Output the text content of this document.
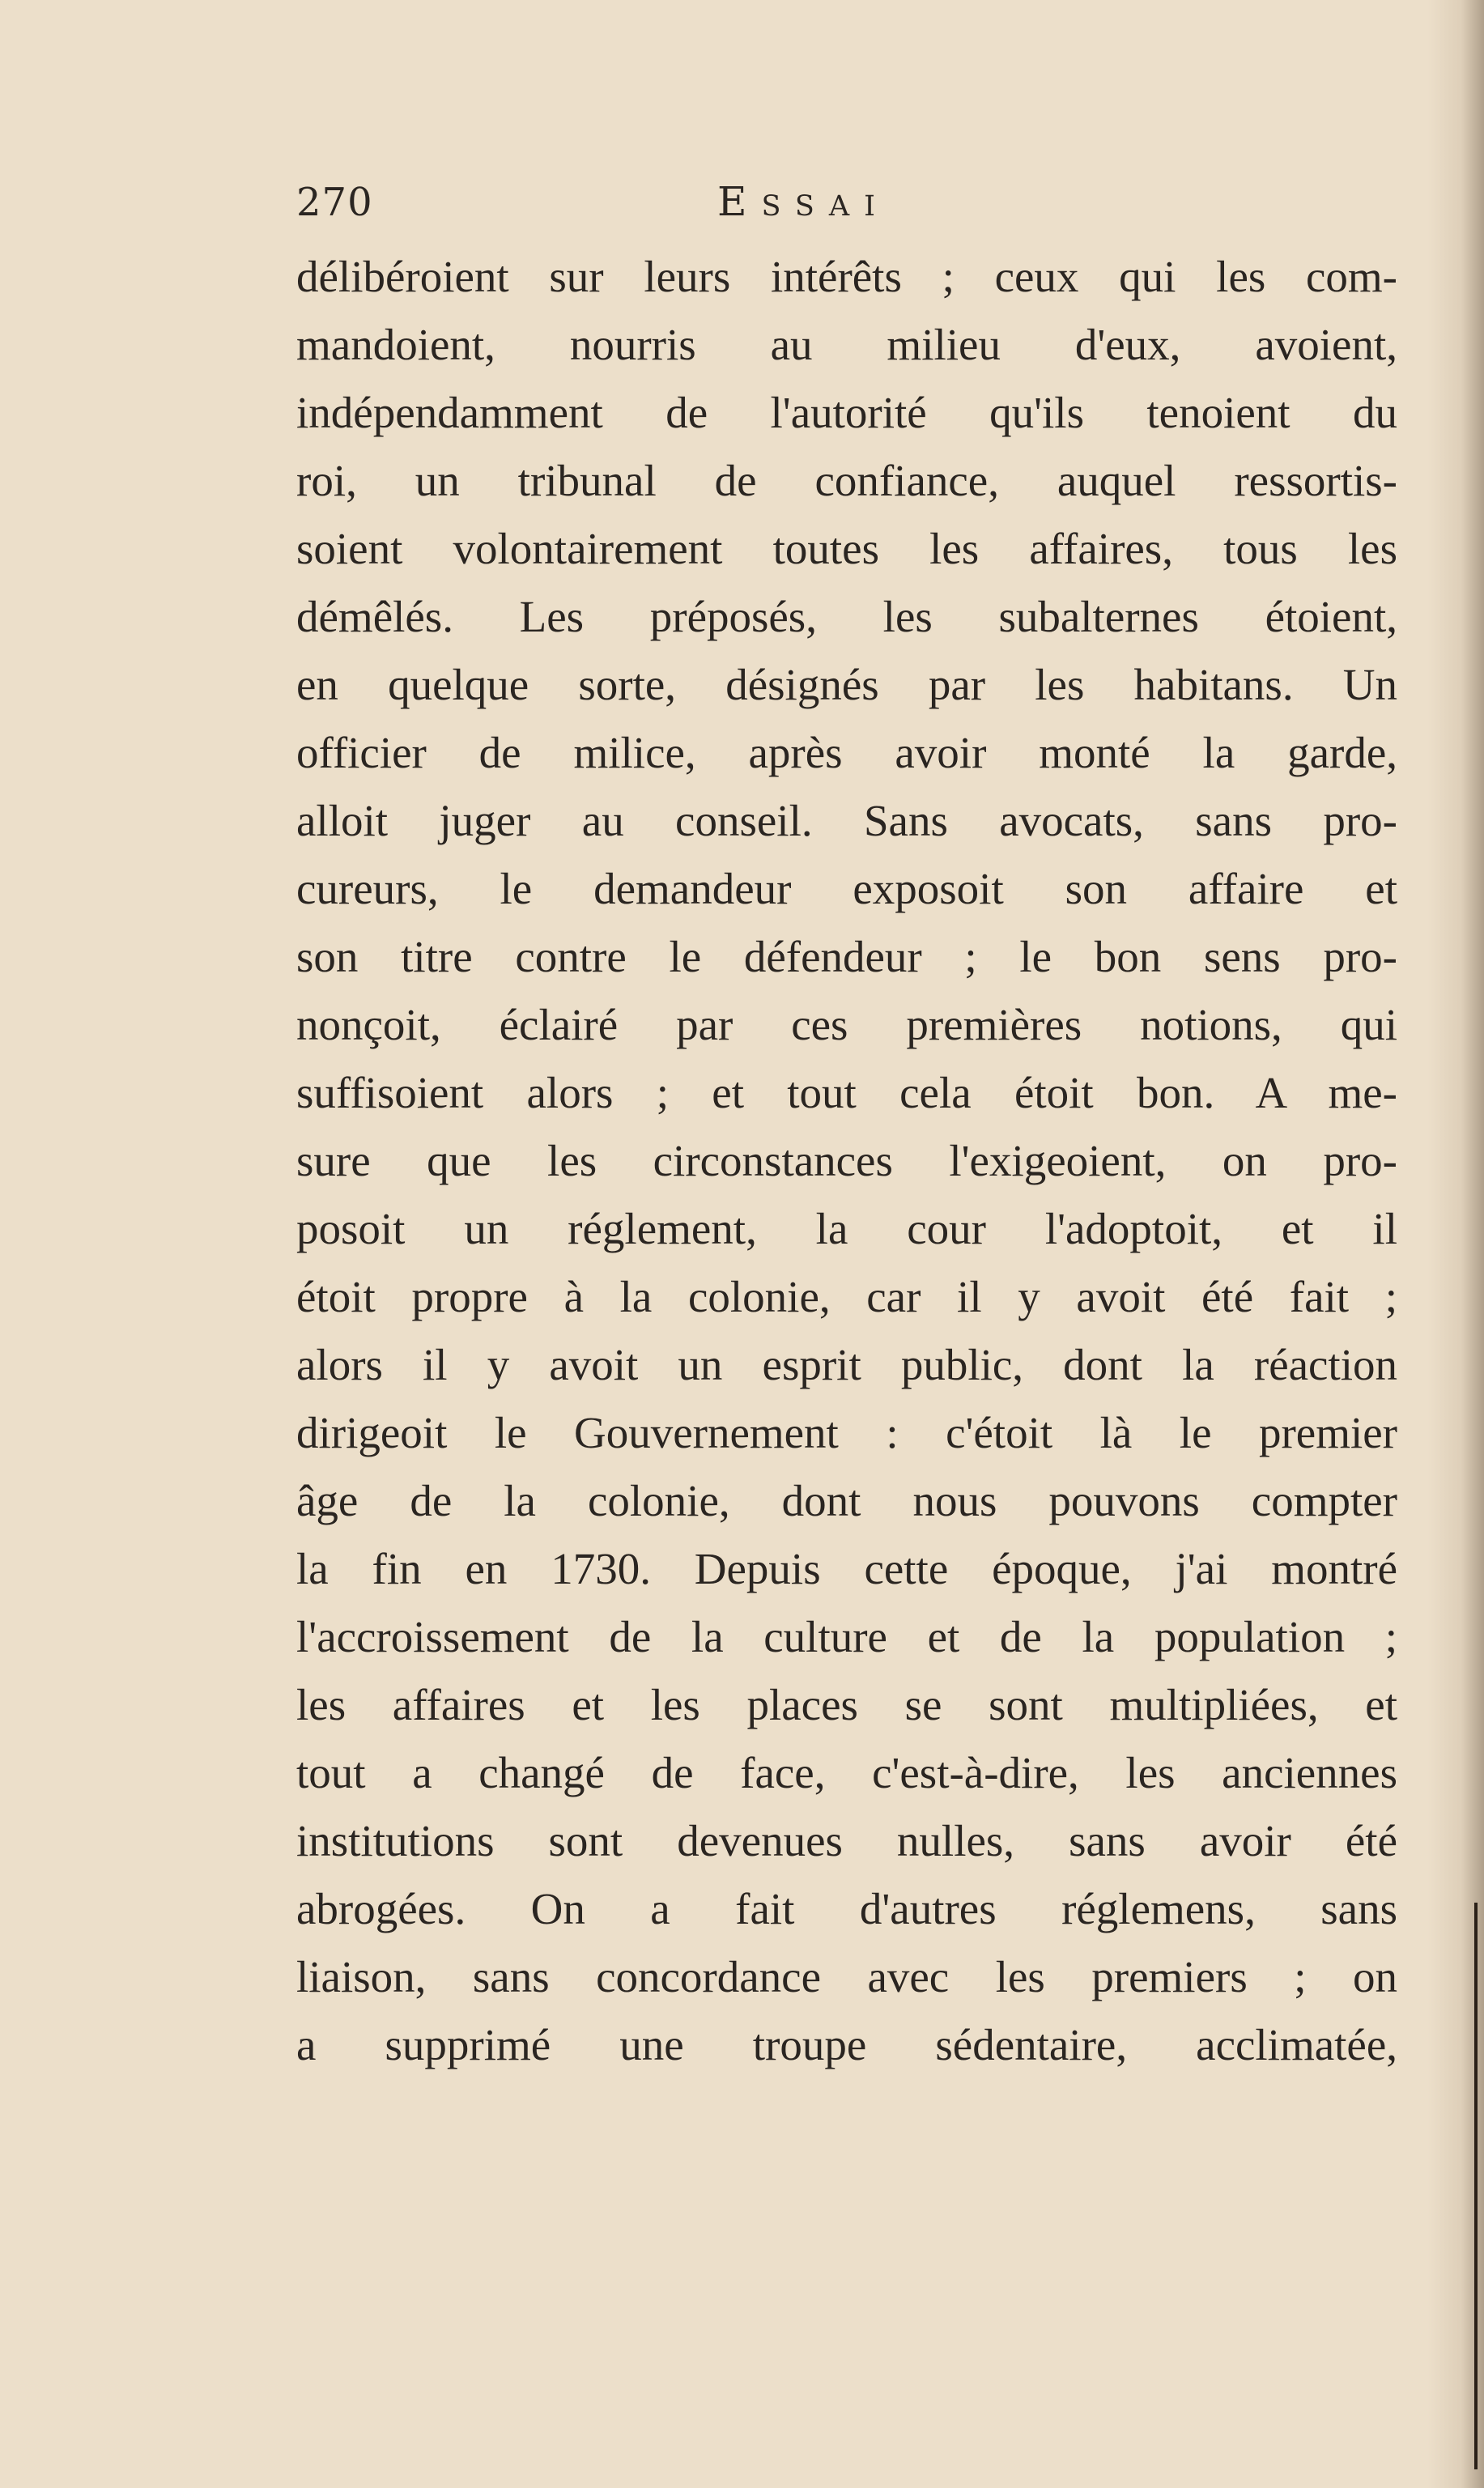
270	Essai
délibéroient sur leurs intérêts ; ceux qui les com-
mandoient, nourris au milieu d'eux, avoient,
indépendamment de l'autorité qu'ils tenoient du
roi, un tribunal de confiance, auquel ressortis-
soient volontairement toutes les affaires, tous les
démêlés. Les préposés, les subalternes étoient,
en quelque sorte, désignés par les habitans. Un
officier de milice, après avoir monté la garde,
alloit juger au conseil. Sans avocats, sans pro-
cureurs, le demandeur exposoit son affaire et
son titre contre le défendeur ; le bon sens pro-
nonçoit, éclairé par ces premières notions, qui
suffisoient alors ; et tout cela étoit bon. A me-
sure que les circonstances l'exigeoient, on pro-
posoit un réglement, la cour l'adoptoit, et il
étoit propre à la colonie, car il y avoit été fait ;
alors il y avoit un esprit public, dont la réaction
dirigeoit le Gouvernement : c'étoit là le premier
âge de la colonie, dont nous pouvons compter
la fin en 1730. Depuis cette époque, j'ai montré
l'accroissement de la culture et de la population ;
les affaires et les places se sont multipliées, et
tout a changé de face, c'est-à-dire, les anciennes
institutions sont devenues nulles, sans avoir été
abrogées. On a fait d'autres réglemens, sans
liaison, sans concordance avec les premiers ; on
a supprimé une troupe sédentaire, acclimatée,
